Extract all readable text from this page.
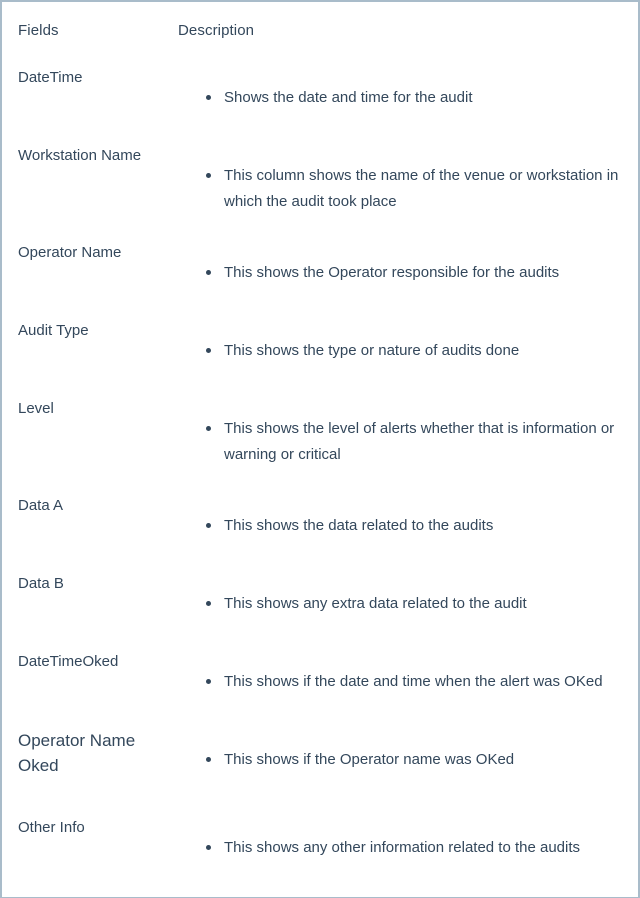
Fields	Description
DateTime
Shows the date and time for the audit
Workstation Name
This column shows the name of the venue or workstation in which the audit took place
Operator Name
This shows the Operator responsible for the audits
Audit Type
This shows the type or nature of audits done
Level
This shows the level of alerts whether that is information or warning or critical
Data A
This shows the data related to the audits
Data B
This shows any extra data related to the audit
DateTimeOked
This shows if the date and time when the alert was OKed
Operator Name Oked	This shows if the Operator name was OKed
Other Info
This shows any other information related to the audits
